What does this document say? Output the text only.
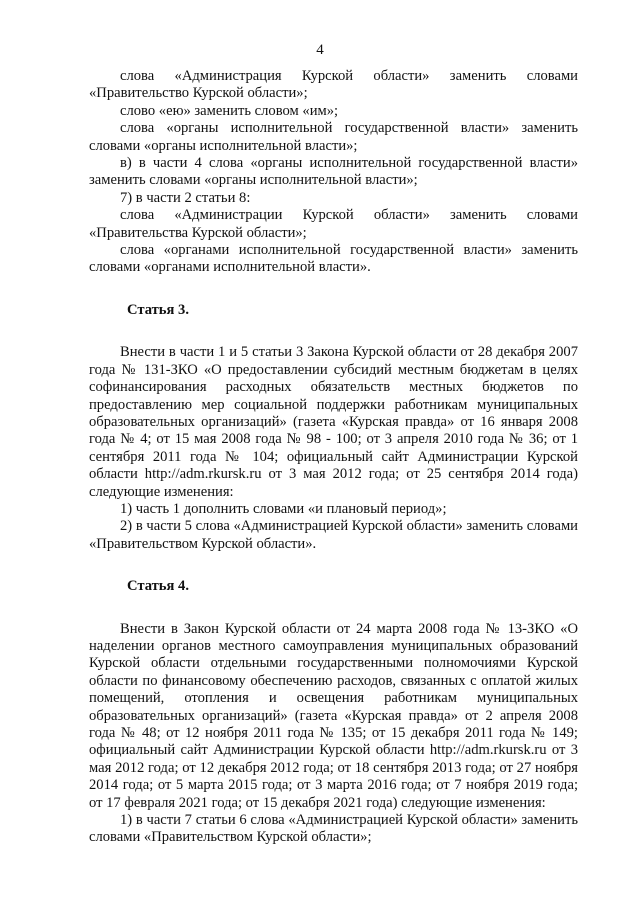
4

слова «Администрация Курской области» заменить словами «Правительство Курской области»;

слово «ею» заменить словом «им»;

слова «органы исполнительной государственной власти» заменить словами «органы исполнительной власти»;

в) в части 4 слова «органы исполнительной государственной власти» заменить словами «органы исполнительной власти»;

7) в части 2 статьи 8:

слова «Администрации Курской области» заменить словами «Правительства Курской области»;

слова «органами исполнительной государственной власти» заменить словами «органами исполнительной власти».

Статья 3.

Внести в части 1 и 5 статьи 3 Закона Курской области от 28 декабря 2007 года № 131-ЗКО «О предоставлении субсидий местным бюджетам в целях софинансирования расходных обязательств местных бюджетов по предоставлению мер социальной поддержки работникам муниципальных образовательных организаций» (газета «Курская правда» от 16 января 2008 года № 4; от 15 мая 2008 года № 98 - 100; от 3 апреля 2010 года № 36; от 1 сентября 2011 года № 104; официальный сайт Администрации Курской области http://adm.rkursk.ru от 3 мая 2012 года; от 25 сентября 2014 года) следующие изменения:

1) часть 1 дополнить словами «и плановый период»;

2) в части 5 слова «Администрацией Курской области» заменить словами «Правительством Курской области».

Статья 4.

Внести в Закон Курской области от 24 марта 2008 года № 13-ЗКО «О наделении органов местного самоуправления муниципальных образований Курской области отдельными государственными полномочиями Курской области по финансовому обеспечению расходов, связанных с оплатой жилых помещений, отопления и освещения работникам муниципальных образовательных организаций» (газета «Курская правда» от 2 апреля 2008 года № 48; от 12 ноября 2011 года № 135; от 15 декабря 2011 года № 149; официальный сайт Администрации Курской области http://adm.rkursk.ru от 3 мая 2012 года; от 12 декабря 2012 года; от 18 сентября 2013 года; от 27 ноября 2014 года; от 5 марта 2015 года; от 3 марта 2016 года; от 7 ноября 2019 года; от 17 февраля 2021 года; от 15 декабря 2021 года) следующие изменения:

1) в части 7 статьи 6 слова «Администрацией Курской области» заменить словами «Правительством Курской области»;
